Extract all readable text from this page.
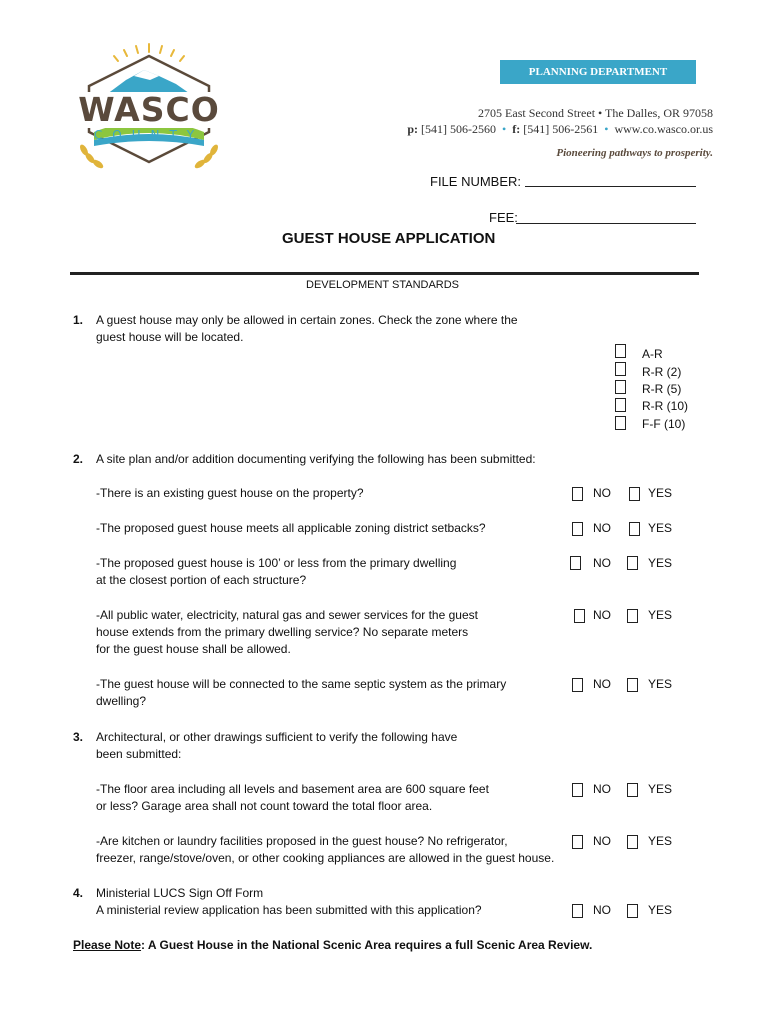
WASCO
COUNTY
PLANNING DEPARTMENT
2705 East Second Street • The Dalles, OR 97058
p: [541] 506-2560  •  f: [541] 506-2561  •  www.co.wasco.or.us
Pioneering pathways to prosperity.
FILE NUMBER:
FEE:
GUEST HOUSE APPLICATION
DEVELOPMENT STANDARDS
1. A guest house may only be allowed in certain zones. Check the zone where the
guest house will be located.
A-R
R-R (2)
R-R (5)
R-R (10)
F-F (10)
2. A site plan and/or addition documenting verifying the following has been submitted:
-There is an existing guest house on the property?	NO	YES
-The proposed guest house meets all applicable zoning district setbacks?	NO	YES
-The proposed guest house is 100’ or less from the primary dwelling
at the closest portion of each structure?
NO	YES
-All public water, electricity, natural gas and sewer services for the guest
house extends from the primary dwelling service? No separate meters
for the guest house shall be allowed.
NO	YES
-The guest house will be connected to the same septic system as the primary
dwelling?
NO	YES
3. Architectural, or other drawings sufficient to verify the following have
been submitted:
-The floor area including all levels and basement area are 600 square feet
or less? Garage area shall not count toward the total floor area.
NO	YES
-Are kitchen or laundry facilities proposed in the guest house? No refrigerator,
freezer, range/stove/oven, or other cooking appliances are allowed in the guest house.
NO	YES
4. Ministerial LUCS Sign Off Form
A ministerial review application has been submitted with this application?	NO	YES
Please Note: A Guest House in the National Scenic Area requires a full Scenic Area Review.
